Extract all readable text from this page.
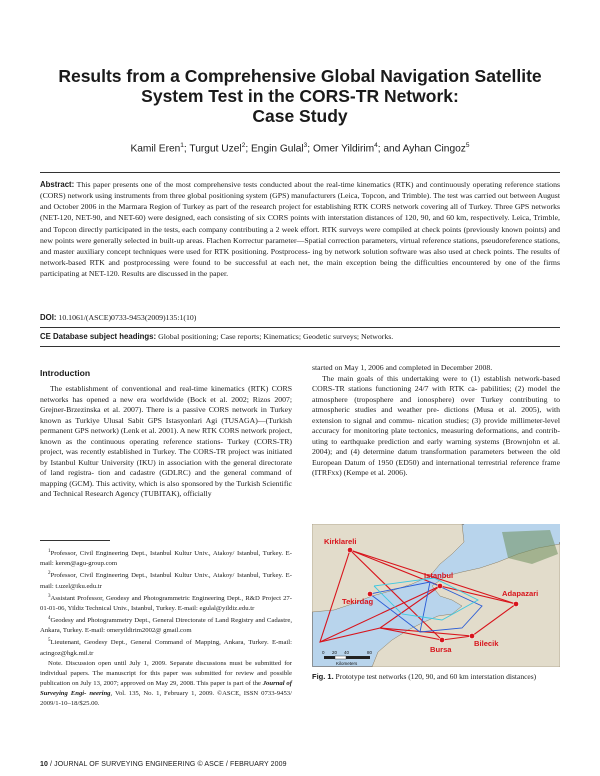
Results from a Comprehensive Global Navigation Satellite
System Test in the CORS-TR Network:
Case Study
Kamil Eren$^1$; Turgut Uzel$^2$; Engin Gulal$^3$; Omer Yildirim$^4$; and Ayhan Cingoz$^5$
Abstract: This paper presents one of the most comprehensive tests conducted about the real-time kinematics (RTK) and continuously operating reference stations (CORS) network using instruments from three global positioning system (GPS) manufacturers (Leica, Topcon, and Trimble). The test was carried out between August and October 2006 in the Marmara Region of Turkey as part of the research project for establishing RTK CORS network covering all of Turkey. Three GPS networks (NET-120, NET-90, and NET-60) were designed, each consisting of six CORS points with interstation distances of 120, 90, and 60 km, respectively. Leica, Trimble, and Topcon directly participated in the tests, each company contributing a 2 week effort. RTK surveys were compiled at check points (previously known points) and new points were generally selected in built-up areas. Flachen Korrectur parameter—Spatial correction parameters, virtual reference stations, pseudoreference stations, and master auxiliary concept techniques were used for RTK positioning. Postprocess- ing by network solution software was also used at check points. The results of network-based RTK and postprocessing were found to be successful at each net, the main exception being the difficulties encountered by one of the firms participating at NET-120. Results are discussed in the paper.
DOI: 10.1061/(ASCE)0733-9453(2009)135:1(10)
CE Database subject headings: Global positioning; Case reports; Kinematics; Geodetic surveys; Networks.
Introduction

The establishment of conventional and real-time kinematics (RTK) CORS networks has opened a new era worldwide (Bock et al. 2002; Rizos 2007; Grejner-Brzezinska et al. 2007). There is a passive CORS network in Turkey known as Turkiye Ulusal Sabit GPS Istasyonlari Agi (TUSAGA)—(Turkish permanent GPS network) (Lenk et al. 2001). A new RTK CORS network project, known as the continuous operating reference stations- Turkey (CORS-TR) project, was recently established in Turkey. The CORS-TR project was initiated by Istanbul Kultur University (IKU) in association with the general directorate of land registra- tion and cadastre (GDLRC) and the general command of mapping (GCM). This activity, which is also sponsored by the Turkish Scientific and Technical Research Agency (TUBITAK), officially

$^1$Professor, Civil Engineering Dept., Istanbul Kultur Univ., Atakoy/ Istanbul, Turkey. E-mail: keren@agu-group.com

$^2$Professor, Civil Engineering Dept., Istanbul Kultur Univ., Atakoy/ Istanbul, Turkey. E-mail: t.uzel@iku.edu.tr

$^3$Assistant Professor, Geodesy and Photogrammetric Engineering Dept., R&D Project 27-01-01-06, Yildiz Technical Univ., Istanbul, Turkey. E-mail: egulal@yildiz.edu.tr

$^4$Geodesy and Photogrammetry Dept., General Directorate of Land Registry and Cadastre, Ankara, Turkey. E-mail: omeryildirim2002@ gmail.com

$^5$Lieutenant, Geodesy Dept., General Command of Mapping, Ankara, Turkey. E-mail: acingoz@hgk.mil.tr

Note. Discussion open until July 1, 2009. Separate discussions must be submitted for individual papers. The manuscript for this paper was submitted for review and possible publication on July 13, 2007; approved on May 29, 2008. This paper is part of the Journal of Surveying Engi- neering, Vol. 135, No. 1, February 1, 2009. ©ASCE, ISSN 0733-9453/ 2009/1-10–18/$25.00.

started on May 1, 2006 and completed in December 2008.

The main goals of this undertaking were to (1) establish network-based CORS-TR stations functioning 24/7 with RTK ca- pabilities; (2) model the atmosphere (troposphere and ionosphere) over Turkey contributing to atmospheric studies and weather pre- dictions (Musa et al. 2005), with extension to signal and commu- nication studies; (3) provide millimeter-level accuracy for monitoring plate tectonics, measuring deformations, and contrib- uting to earthquake prediction and early warning systems (Brownjohn et al. 2004); and (4) determine datum transformation parameters between the old European Datum of 1950 (ED50) and international terrestrial reference frame (ITRFxx) (Kempe et al. 2006).

Kirklareli
Tekirdag
Istanbul
Adapazari
Bursa
Bilecik
0 20 40	80
Kilometers
Fig. 1. Prototype test networks (120, 90, and 60 km interstation distances)
10 / JOURNAL OF SURVEYING ENGINEERING © ASCE / FEBRUARY 2009
